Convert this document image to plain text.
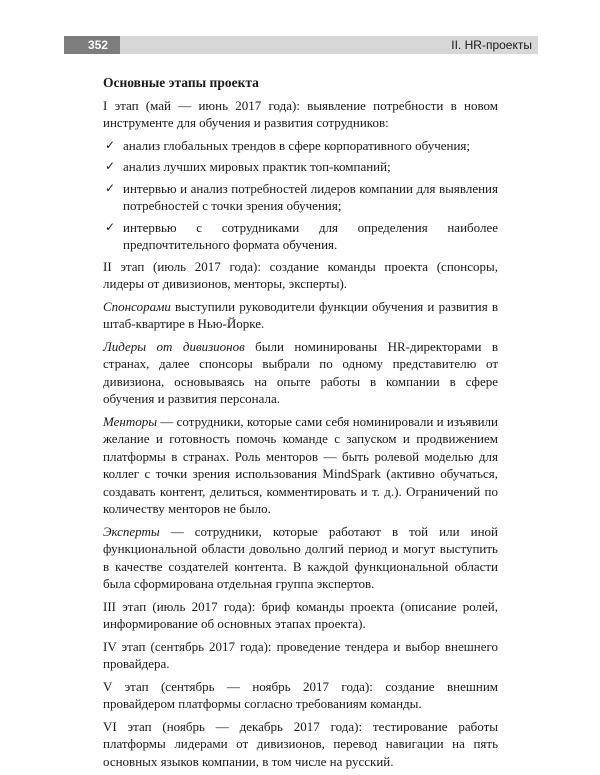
352	II. HR-проекты

Основные этапы проекта

I этап (май — июнь 2017 года): выявление потребности в новом инструменте для обучения и развития сотрудников:

✓ анализ глобальных трендов в сфере корпоративного обучения;
✓ анализ лучших мировых практик топ-компаний;
✓ интервью и анализ потребностей лидеров компании для выявления потребностей с точки зрения обучения;
✓ интервью с сотрудниками для определения наиболее предпочтительного формата обучения.

II этап (июль 2017 года): создание команды проекта (спонсоры, лидеры от дивизионов, менторы, эксперты).

Спонсорами выступили руководители функции обучения и развития в штаб-квартире в Нью-Йорке.

Лидеры от дивизионов были номинированы HR-директорами в странах, далее спонсоры выбрали по одному представителю от дивизиона, основываясь на опыте работы в компании в сфере обучения и развития персонала.

Менторы — сотрудники, которые сами себя номинировали и изъявили желание и готовность помочь команде с запуском и продвижением платформы в странах. Роль менторов — быть ролевой моделью для коллег с точки зрения использования MindSpark (активно обучаться, создавать контент, делиться, комментировать и т. д.). Ограничений по количеству менторов не было.

Эксперты — сотрудники, которые работают в той или иной функциональной области довольно долгий период и могут выступить в качестве создателей контента. В каждой функциональной области была сформирована отдельная группа экспертов.

III этап (июль 2017 года): бриф команды проекта (описание ролей, информирование об основных этапах проекта).

IV этап (сентябрь 2017 года): проведение тендера и выбор внешнего провайдера.

V этап (сентябрь — ноябрь 2017 года): создание внешним провайдером платформы согласно требованиям команды.

VI этап (ноябрь — декабрь 2017 года): тестирование работы платформы лидерами от дивизионов, перевод навигации на пять основных языков компании, в том числе на русский.
